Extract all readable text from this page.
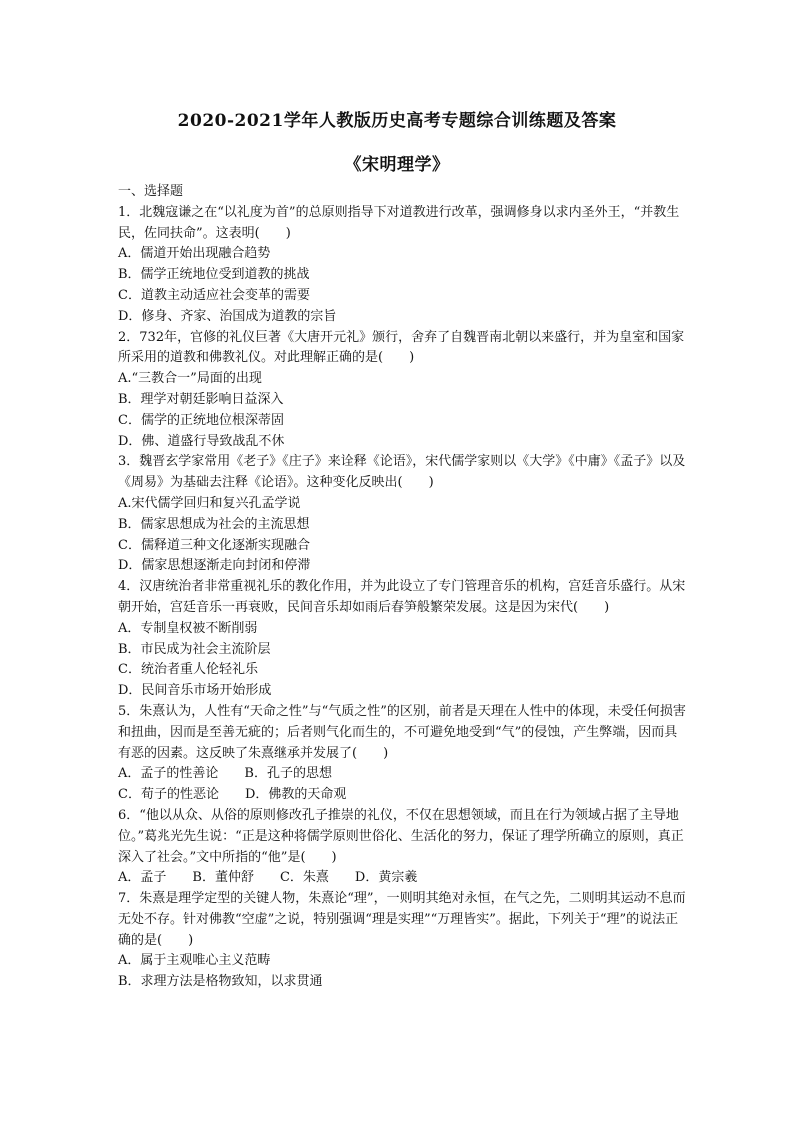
2020-2021学年人教版历史高考专题综合训练题及答案
《宋明理学》

一、选择题

1．北魏寇谦之在“以礼度为首”的总原则指导下对道教进行改革，强调修身以求内圣外王，“并教生民，佐同扶命”。这表明(　　)

A．儒道开始出现融合趋势

B．儒学正统地位受到道教的挑战

C．道教主动适应社会变革的需要

D．修身、齐家、治国成为道教的宗旨

2．732年，官修的礼仪巨著《大唐开元礼》颁行，舍弃了自魏晋南北朝以来盛行，并为皇室和国家所采用的道教和佛教礼仪。对此理解正确的是(　　)

A.“三教合一”局面的出现

B．理学对朝廷影响日益深入

C．儒学的正统地位根深蒂固

D．佛、道盛行导致战乱不休

3．魏晋玄学家常用《老子》《庄子》来诠释《论语》，宋代儒学家则以《大学》《中庸》《孟子》以及《周易》为基础去注释《论语》。这种变化反映出(　　)

A.宋代儒学回归和复兴孔孟学说

B．儒家思想成为社会的主流思想

C．儒释道三种文化逐渐实现融合

D．儒家思想逐渐走向封闭和停滞

4．汉唐统治者非常重视礼乐的教化作用，并为此设立了专门管理音乐的机构，宫廷音乐盛行。从宋朝开始，宫廷音乐一再衰败，民间音乐却如雨后春笋般繁荣发展。这是因为宋代(　　)

A．专制皇权被不断削弱

B．市民成为社会主流阶层

C．统治者重人伦轻礼乐

D．民间音乐市场开始形成

5．朱熹认为，人性有“天命之性”与“气质之性”的区别，前者是天理在人性中的体现，未受任何损害和扭曲，因而是至善无疵的；后者则气化而生的，不可避免地受到“气”的侵蚀，产生弊端，因而具有恶的因素。这反映了朱熹继承并发展了(　　)

A．孟子的性善论 B．孔子的思想

C．荀子的性恶论 D．佛教的天命观

6．“他以从众、从俗的原则修改孔子推崇的礼仪，不仅在思想领域，而且在行为领域占据了主导地位。”葛兆光先生说：“正是这种将儒学原则世俗化、生活化的努力，保证了理学所确立的原则，真正深入了社会。”文中所指的“他”是(　　)

A．孟子 B．董仲舒 C．朱熹 D．黄宗羲

7．朱熹是理学定型的关键人物，朱熹论“理”，一则明其绝对永恒，在气之先，二则明其运动不息而无处不存。针对佛教“空虚”之说，特别强调“理是实理”“万理皆实”。据此，下列关于“理”的说法正确的是(　　)

A．属于主观唯心主义范畴

B．求理方法是格物致知，以求贯通
